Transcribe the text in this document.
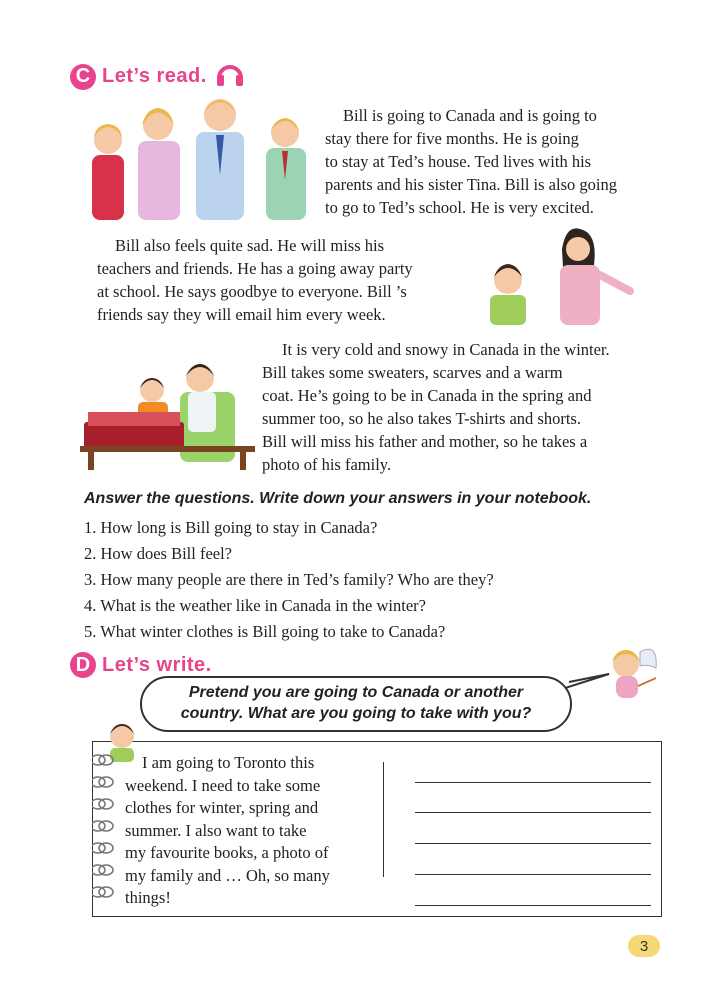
C Let’s read.
Bill is going to Canada and is going to
stay there for five months. He is going
to stay at Ted’s house. Ted lives with his
parents and his sister Tina. Bill is also going
to go to Ted’s school. He is very excited.
Bill also feels quite sad. He will miss his
teachers and friends. He has a going away party
at school. He says goodbye to everyone. Bill ’s
friends say they will email him every week.
It is very cold and snowy in Canada in the winter.
Bill takes some sweaters, scarves and a warm
coat. He’s going to be in Canada in the spring and
summer too, so he also takes T-shirts and shorts.
Bill will miss his father and mother, so he takes a
photo of his family.
Answer the questions. Write down your answers in your notebook.
1. How long is Bill going to stay in Canada?
2. How does Bill feel?
3. How many people are there in Ted’s family? Who are they?
4. What is the weather like in Canada in the winter?
5. What winter clothes is Bill going to take to Canada?
D Let’s write.
Pretend you are going to Canada or another
country. What are you going to take with you?
I am going to Toronto this
weekend. I need to take some
clothes for winter, spring and
summer. I also want to take
my favourite books, a photo of
my family and … Oh, so many
things!
3
